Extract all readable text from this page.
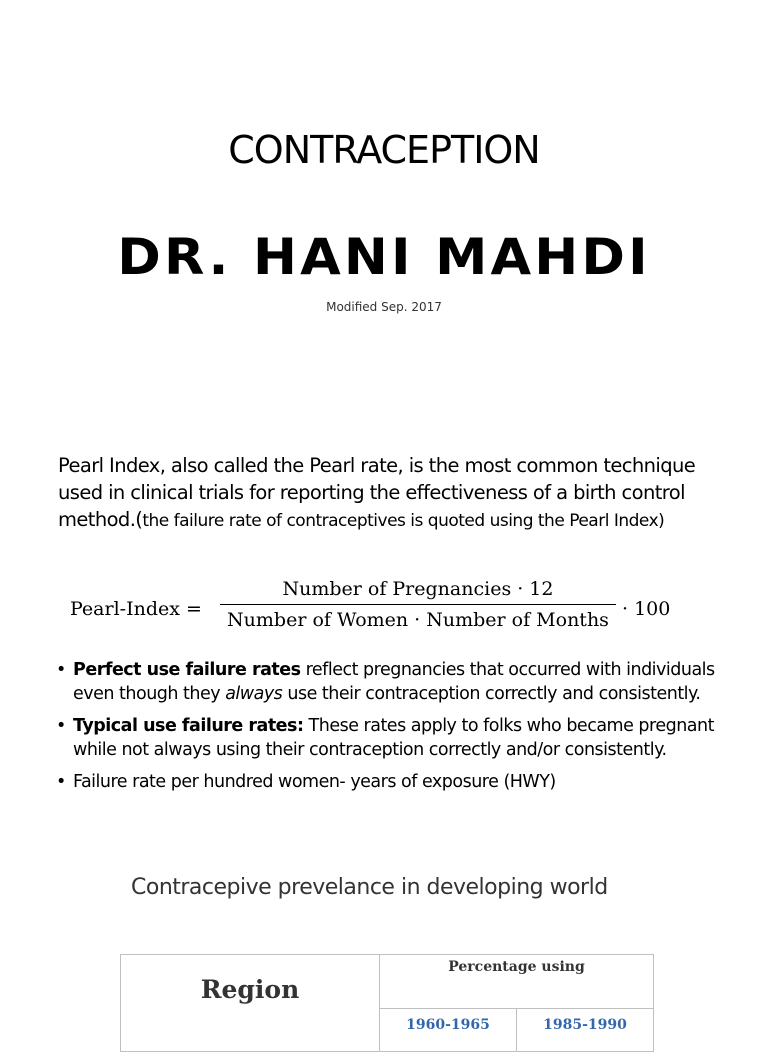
CONTRACEPTION
DR. HANI MAHDI
Modified Sep. 2017
Pearl Index, also called the Pearl rate, is the most common technique used in clinical trials for reporting the effectiveness of a birth control method.(the failure rate of contraceptives is quoted using the Pearl Index)
Pearl-Index =
Number of Pregnancies · 12
Number of Women · Number of Months · 100
• Perfect use failure rates reflect pregnancies that occurred with individuals even though they always use their contraception correctly and consistently.
• Typical use failure rates: These rates apply to folks who became pregnant while not always using their contraception correctly and/or consistently.
• Failure rate per hundred women- years of exposure (HWY)
Contracepive prevelance in developing world
Region	Percentage using	
	1960-1965	1985-1990
